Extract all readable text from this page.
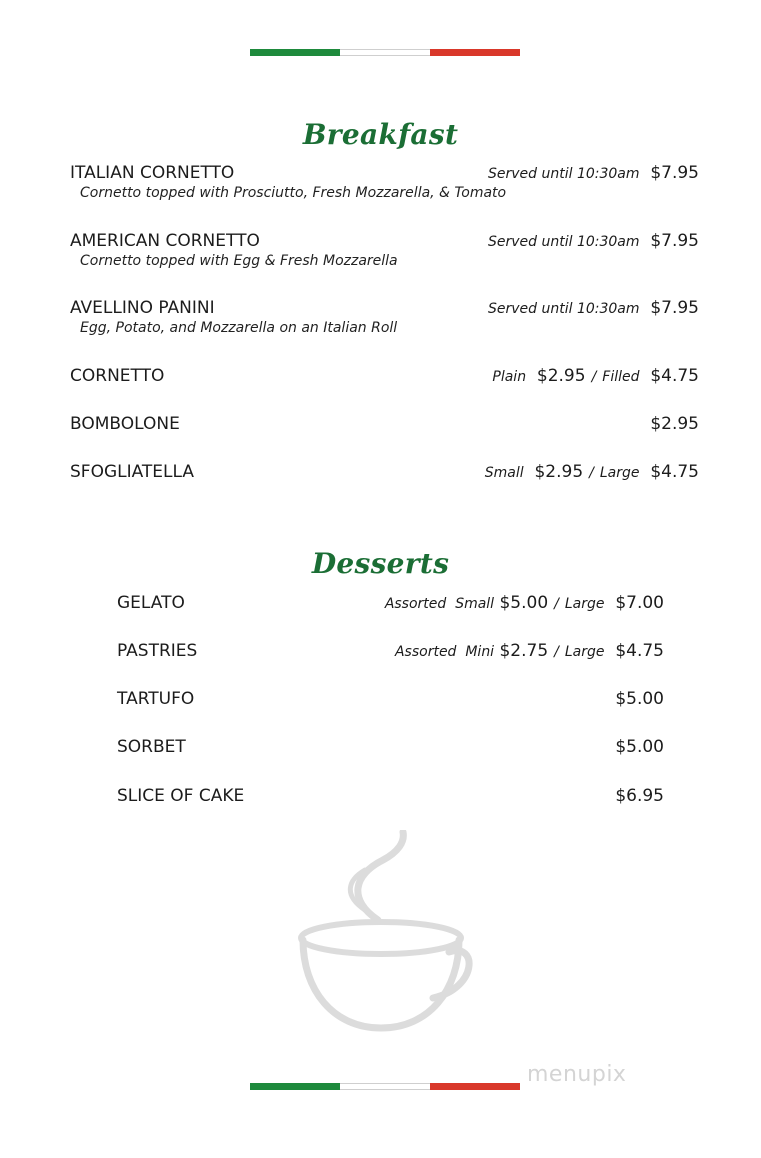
Breakfast
ITALIAN CORNETTO	Served until 10:30am $7.95
Cornetto topped with Prosciutto, Fresh Mozzarella, & Tomato
AMERICAN CORNETTO	Served until 10:30am $7.95
Cornetto topped with Egg & Fresh Mozzarella
AVELLINO PANINI	Served until 10:30am $7.95
Egg, Potato, and Mozzarella on an Italian Roll
CORNETTO	Plain $2.95 / Filled $4.75
BOMBOLONE	$2.95
SFOGLIATELLA	Small $2.95 / Large $4.75
Desserts
GELATO	Assorted  Small $5.00 / Large $7.00
PASTRIES	Assorted  Mini $2.75 / Large $4.75
TARTUFO	$5.00
SORBET	$5.00
SLICE OF CAKE	$6.95
menupix
